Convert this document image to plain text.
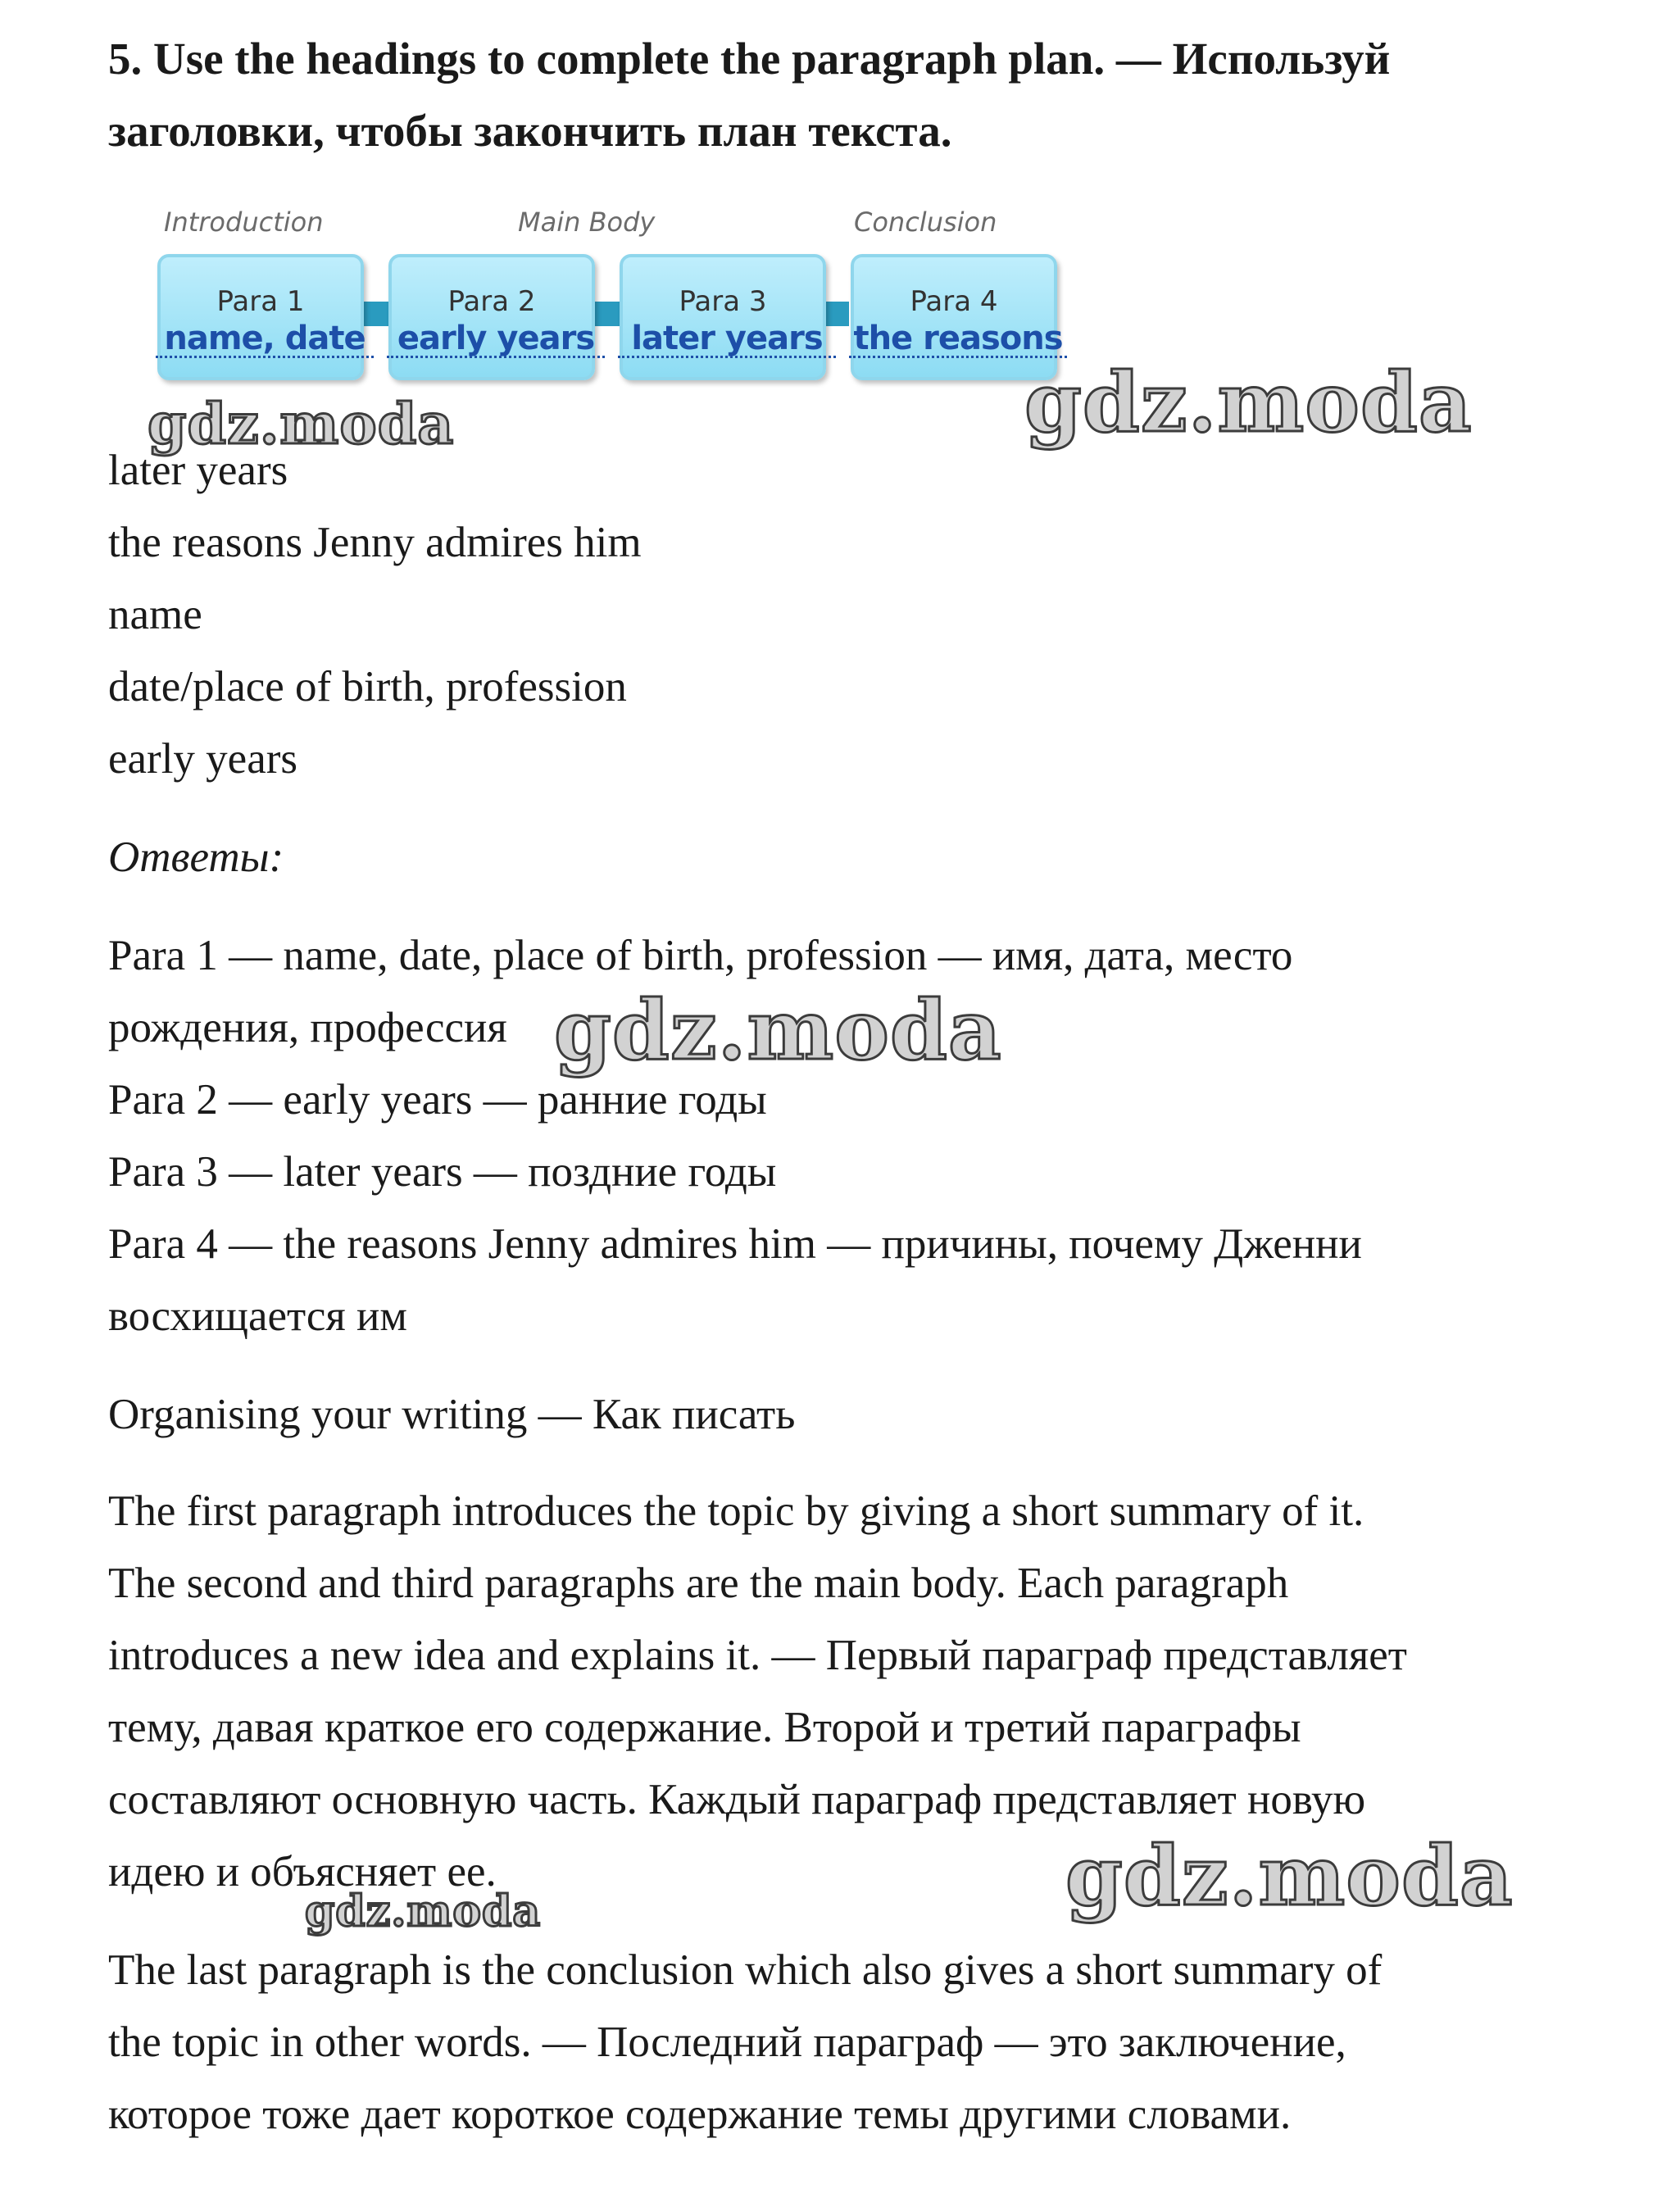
5. Use the headings to complete the paragraph plan. — Используй
заголовки, чтобы закончить план текста.
Introduction	Main Body	Conclusion
Para 1
name, date
Para 2
early years
Para 3
later years
Para 4
the reasons
later years
the reasons Jenny admires him
name
date/place of birth, profession
early years
Ответы:
Para 1 — name, date, place of birth, profession — имя, дата, место
рождения, профессия
Para 2 — early years — ранние годы
Para 3 — later years — поздние годы
Para 4 — the reasons Jenny admires him — причины, почему Дженни
восхищается им
Organising your writing — Как писать
The first paragraph introduces the topic by giving a short summary of it.
The second and third paragraphs are the main body. Each paragraph
introduces a new idea and explains it. — Первый параграф представляет
тему, давая краткое его содержание. Второй и третий параграфы
составляют основную часть. Каждый параграф представляет новую
идею и объясняет ее.
The last paragraph is the conclusion which also gives a short summary of
the topic in other words. — Последний параграф — это заключение,
которое тоже дает короткое содержание темы другими словами.
gdz.moda	gdz.moda
gdz.moda
gdz.moda
gdz.moda
